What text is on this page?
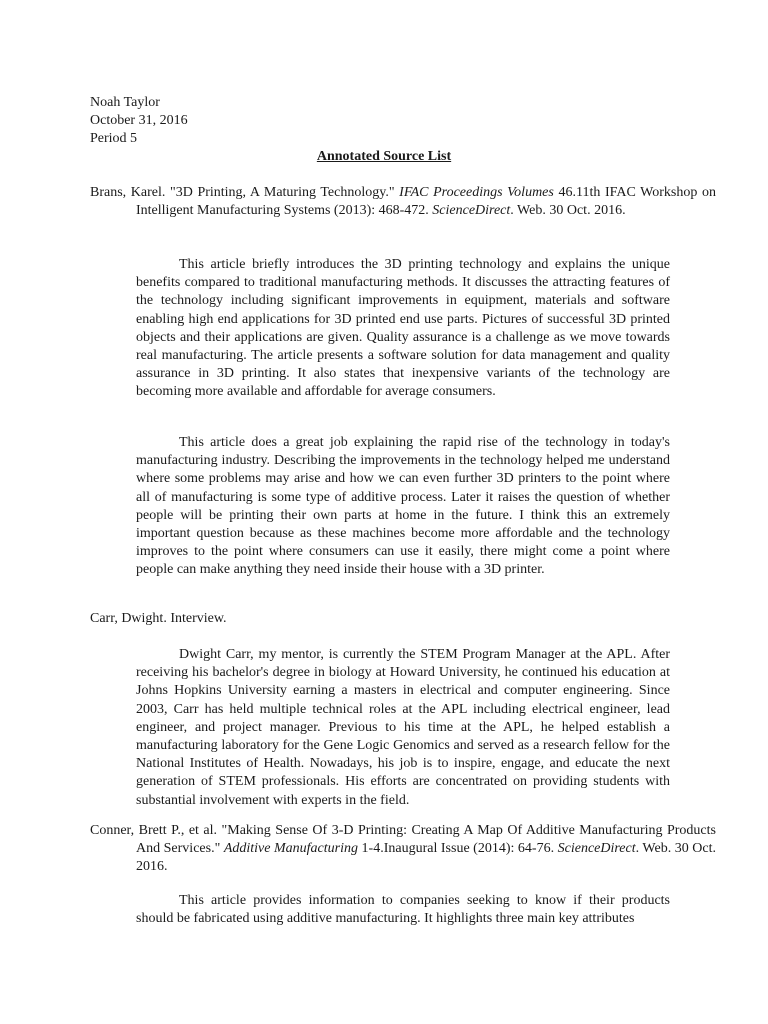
Noah Taylor
October 31, 2016
Period 5
Annotated Source List
Brans, Karel. "3D Printing, A Maturing Technology." IFAC Proceedings Volumes 46.11th IFAC Workshop on Intelligent Manufacturing Systems (2013): 468-472. ScienceDirect. Web. 30 Oct. 2016.
This article briefly introduces the 3D printing technology and explains the unique benefits compared to traditional manufacturing methods. It discusses the attracting features of the technology including significant improvements in equipment, materials and software enabling high end applications for 3D printed end use parts. Pictures of successful 3D printed objects and their applications are given. Quality assurance is a challenge as we move towards real manufacturing. The article presents a software solution for data management and quality assurance in 3D printing. It also states that inexpensive variants of the technology are becoming more available and affordable for average consumers.
This article does a great job explaining the rapid rise of the technology in today's manufacturing industry. Describing the improvements in the technology helped me understand where some problems may arise and how we can even further 3D printers to the point where all of manufacturing is some type of additive process. Later it raises the question of whether people will be printing their own parts at home in the future. I think this an extremely important question because as these machines become more affordable and the technology improves to the point where consumers can use it easily, there might come a point where people can make anything they need inside their house with a 3D printer.
Carr, Dwight. Interview.
Dwight Carr, my mentor, is currently the STEM Program Manager at the APL. After receiving his bachelor's degree in biology at Howard University, he continued his education at Johns Hopkins University earning a masters in electrical and computer engineering. Since 2003, Carr has held multiple technical roles at the APL including electrical engineer, lead engineer, and project manager. Previous to his time at the APL, he helped establish a manufacturing laboratory for the Gene Logic Genomics and served as a research fellow for the National Institutes of Health. Nowadays, his job is to inspire, engage, and educate the next generation of STEM professionals. His efforts are concentrated on providing students with substantial involvement with experts in the field.
Conner, Brett P., et al. "Making Sense Of 3-D Printing: Creating A Map Of Additive Manufacturing Products And Services." Additive Manufacturing 1-4.Inaugural Issue (2014): 64-76. ScienceDirect. Web. 30 Oct. 2016.
This article provides information to companies seeking to know if their products should be fabricated using additive manufacturing. It highlights three main key attributes
